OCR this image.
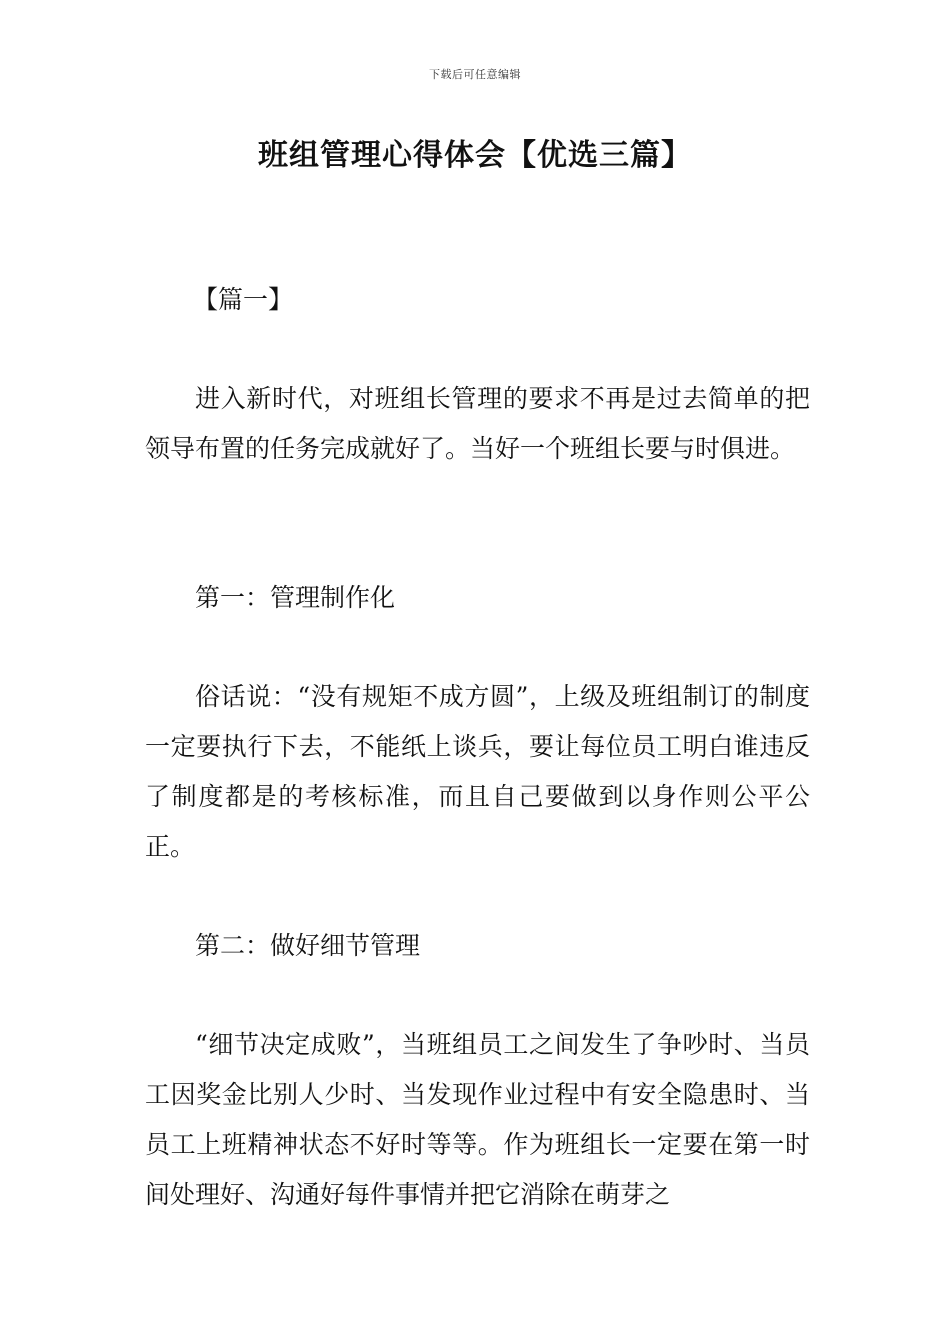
下载后可任意编辑
班组管理心得体会【优选三篇】

【篇一】

进入新时代，对班组长管理的要求不再是过去简单的把领导布置的任务完成就好了。当好一个班组长要与时俱进。

第一：管理制作化

俗话说：“没有规矩不成方圆”，上级及班组制订的制度一定要执行下去，不能纸上谈兵，要让每位员工明白谁违反了制度都是的考核标准，而且自己要做到以身作则公平公正。

第二：做好细节管理

“细节决定成败”，当班组员工之间发生了争吵时、当员工因奖金比别人少时、当发现作业过程中有安全隐患时、当员工上班精神状态不好时等等。作为班组长一定要在第一时间处理好、沟通好每件事情并把它消除在萌芽之
